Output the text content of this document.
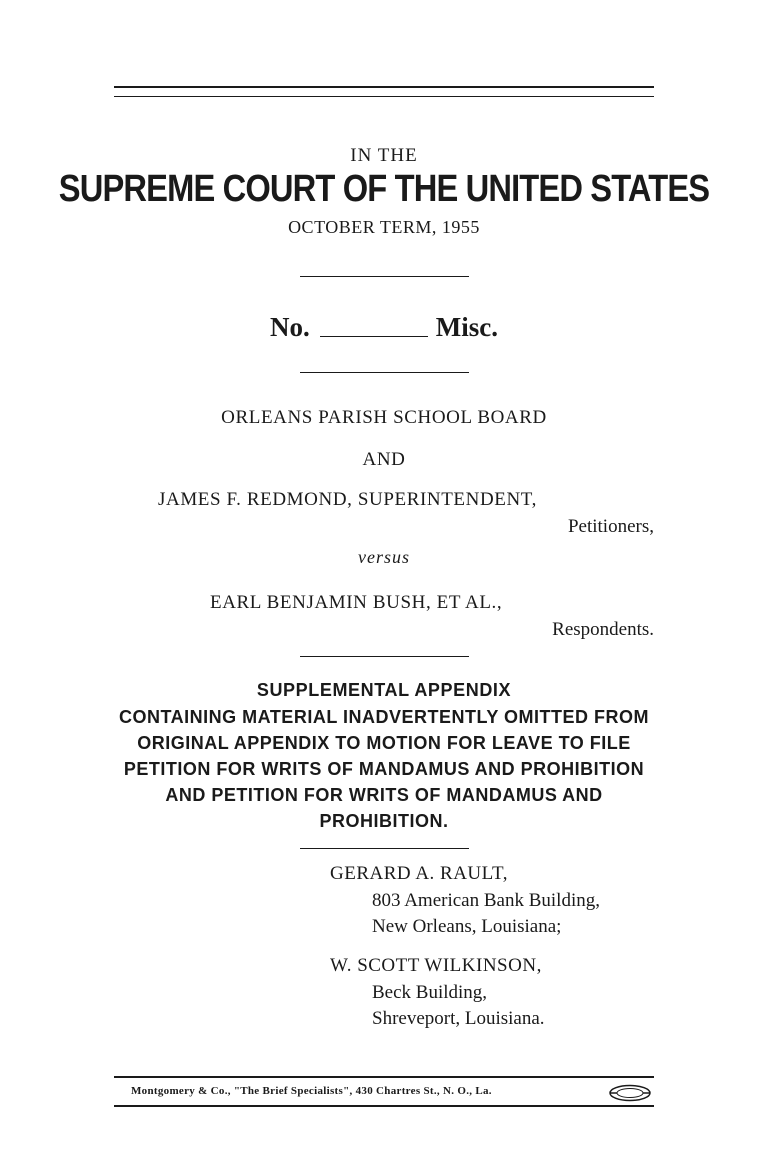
IN THE
SUPREME COURT OF THE UNITED STATES
OCTOBER TERM, 1955
No.	Misc.
ORLEANS PARISH SCHOOL BOARD
AND
JAMES F. REDMOND, SUPERINTENDENT,
Petitioners,
versus
EARL BENJAMIN BUSH, ET AL.,
Respondents.
SUPPLEMENTAL APPENDIX
CONTAINING MATERIAL INADVERTENTLY OMITTED FROM ORIGINAL APPENDIX TO MOTION FOR LEAVE TO FILE PETITION FOR WRITS OF MANDAMUS AND PROHIBITION AND PETITION FOR WRITS OF MANDAMUS AND PROHIBITION.
GERARD A. RAULT,
803 American Bank Building,
New Orleans, Louisiana;
W. SCOTT WILKINSON,
Beck Building,
Shreveport, Louisiana.
Montgomery & Co., "The Brief Specialists", 430 Chartres St., N. O., La.
